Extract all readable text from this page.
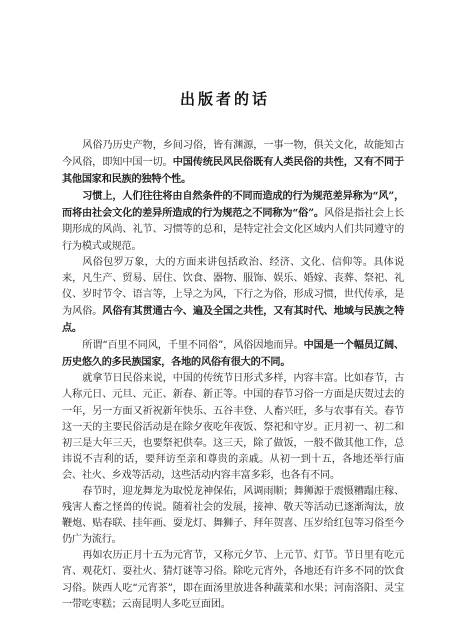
出版者的话

风俗乃历史产物，乡间习俗，皆有渊源，一事一物，俱关文化，故能知古今风俗，即知中国一切。中国传统民风民俗既有人类民俗的共性，又有不同于其他国家和民族的独特个性。

习惯上，人们往往将由自然条件的不同而造成的行为规范差异称为“风”，而将由社会文化的差异所造成的行为规范之不同称为“俗”。风俗是指社会上长期形成的风尚、礼节、习惯等的总和，是特定社会文化区域内人们共同遵守的行为模式或规范。

风俗包罗万象，大的方面来讲包括政治、经济、文化、信仰等。具体说来，凡生产、贸易、居住、饮食、器物、服饰、娱乐、婚嫁、丧葬、祭祀、礼仪、岁时节令、语言等，上导之为风，下行之为俗，形成习惯，世代传承，是为风俗。风俗有其贯通古今、遍及全国之共性，又有其时代、地域与民族之特点。

所谓“百里不同风，千里不同俗”，风俗因地而异。中国是一个幅员辽阔、历史悠久的多民族国家，各地的风俗有很大的不同。

就拿节日民俗来说，中国的传统节日形式多样，内容丰富。比如春节，古人称元日、元旦、元正、新春、新正等。中国的春节习俗一方面是庆贺过去的一年，另一方面又祈祝新年快乐、五谷丰登、人畜兴旺，多与农事有关。春节这一天的主要民俗活动是在除夕夜吃年夜饭、祭祀和守岁。正月初一、初二和初三是大年三天，也要祭祀供奉。这三天，除了做饭，一般不做其他工作，总讳说不吉利的话，要拜访至亲和尊贵的亲戚。从初一到十五，各地还举行庙会、社火、乡戏等活动，这些活动内容丰富多彩，也各有不同。

春节时，迎龙舞龙为取悦龙神保佑，风调雨顺；舞狮源于震慑糟蹋庄稼、残害人畜之怪兽的传说。随着社会的发展，接神、敬天等活动已逐渐淘汰，放鞭炮、贴春联、挂年画、耍龙灯、舞狮子、拜年贺喜、压岁给红包等习俗至今仍广为流行。

再如农历正月十五为元宵节，又称元夕节、上元节、灯节。节日里有吃元宵、观花灯、耍社火、猜灯谜等习俗。除吃元宵外，各地还有许多不同的饮食习俗。陕西人吃“元宵茶”，即在面汤里放进各种蔬菜和水果；河南洛阳、灵宝一带吃枣糕；云南昆明人多吃豆面团。
